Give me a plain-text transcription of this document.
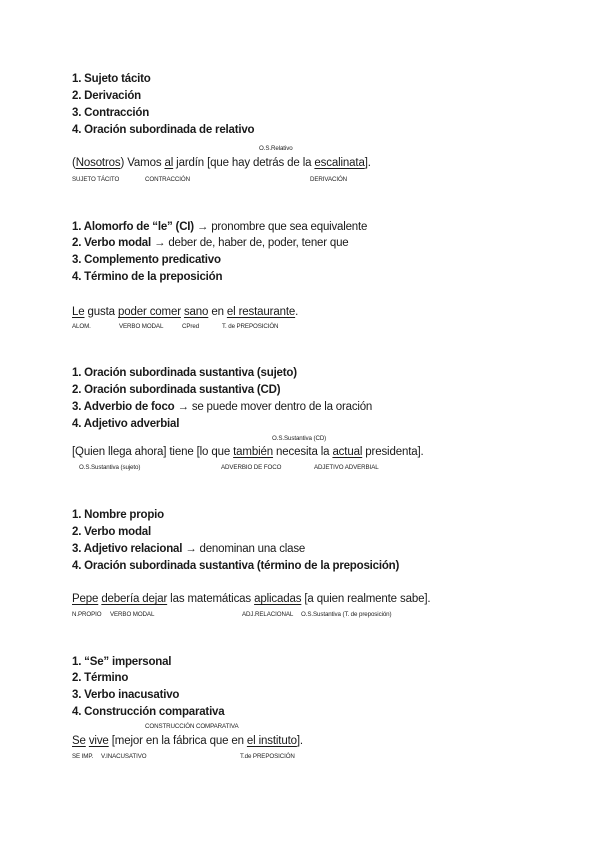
1. Sujeto tácito
2. Derivación
3. Contracción
4. Oración subordinada de relativo
O.S.Relativo
(Nosotros) Vamos al jardín [que hay detrás de la escalinata].
SUJETO TÁCITO	CONTRACCIÓN	DERIVACIÓN
1. Alomorfo de “le” (CI) → pronombre que sea equivalente
2. Verbo modal → deber de, haber de, poder, tener que
3. Complemento predicativo
4. Término de la preposición
Le gusta poder comer sano en el restaurante.
ALOM.	VERBO MODAL	CPred	T. de PREPOSICIÓN
1. Oración subordinada sustantiva (sujeto)
2. Oración subordinada sustantiva (CD)
3. Adverbio de foco → se puede mover dentro de la oración
4. Adjetivo adverbial
O.S.Sustantiva (CD)
[Quien llega ahora] tiene [lo que también necesita la actual presidenta].
O.S.Sustantiva (sujeto)	ADVERBIO DE FOCO	ADJETIVO ADVERBIAL
1. Nombre propio
2. Verbo modal
3. Adjetivo relacional → denominan una clase
4. Oración subordinada sustantiva (término de la preposición)
Pepe debería dejar las matemáticas aplicadas [a quien realmente sabe].
N.PROPIO VERBO MODAL	ADJ.RELACIONAL O.S.Sustantiva (T. de preposición)
1. “Se” impersonal
2. Término
3. Verbo inacusativo
4. Construcción comparativa
CONSTRUCCIÓN COMPARATIVA
Se vive [mejor en la fábrica que en el instituto].
SE IMP. V.INACUSATIVO	T.de PREPOSICIÓN
